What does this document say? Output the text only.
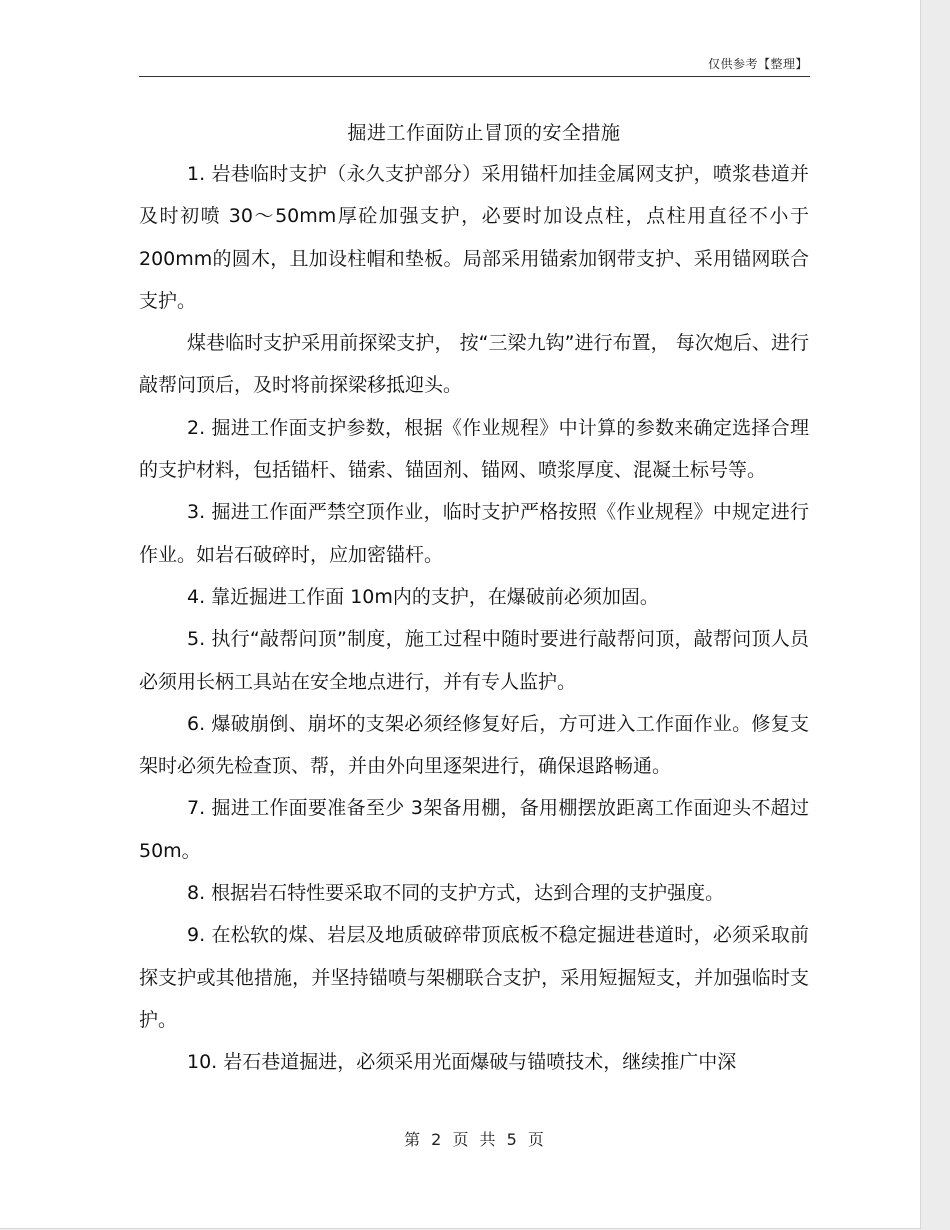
仅供参考【整理】
掘进工作面防止冒顶的安全措施

1. 岩巷临时支护（永久支护部分）采用锚杆加挂金属网支护，喷浆巷道并及时初喷 30～50mm厚砼加强支护，必要时加设点柱，点柱用直径不小于 200mm的圆木，且加设柱帽和垫板。局部采用锚索加钢带支护、采用锚网联合支护。

煤巷临时支护采用前探梁支护， 按“三梁九钩”进行布置， 每次炮后、进行敲帮问顶后，及时将前探梁移抵迎头。

2. 掘进工作面支护参数，根据《作业规程》中计算的参数来确定选择合理的支护材料，包括锚杆、锚索、锚固剂、锚网、喷浆厚度、混凝土标号等。

3. 掘进工作面严禁空顶作业，临时支护严格按照《作业规程》中规定进行作业。如岩石破碎时，应加密锚杆。

4. 靠近掘进工作面 10m内的支护，在爆破前必须加固。

5. 执行“敲帮问顶”制度，施工过程中随时要进行敲帮问顶，敲帮问顶人员必须用长柄工具站在安全地点进行，并有专人监护。

6. 爆破崩倒、崩坏的支架必须经修复好后，方可进入工作面作业。修复支架时必须先检查顶、帮，并由外向里逐架进行，确保退路畅通。

7. 掘进工作面要准备至少 3架备用棚，备用棚摆放距离工作面迎头不超过 50m。

8. 根据岩石特性要采取不同的支护方式，达到合理的支护强度。

9. 在松软的煤、岩层及地质破碎带顶底板不稳定掘进巷道时，必须采取前探支护或其他措施，并坚持锚喷与架棚联合支护，采用短掘短支，并加强临时支护。

10. 岩石巷道掘进，必须采用光面爆破与锚喷技术，继续推广中深

第 2 页 共 5 页
